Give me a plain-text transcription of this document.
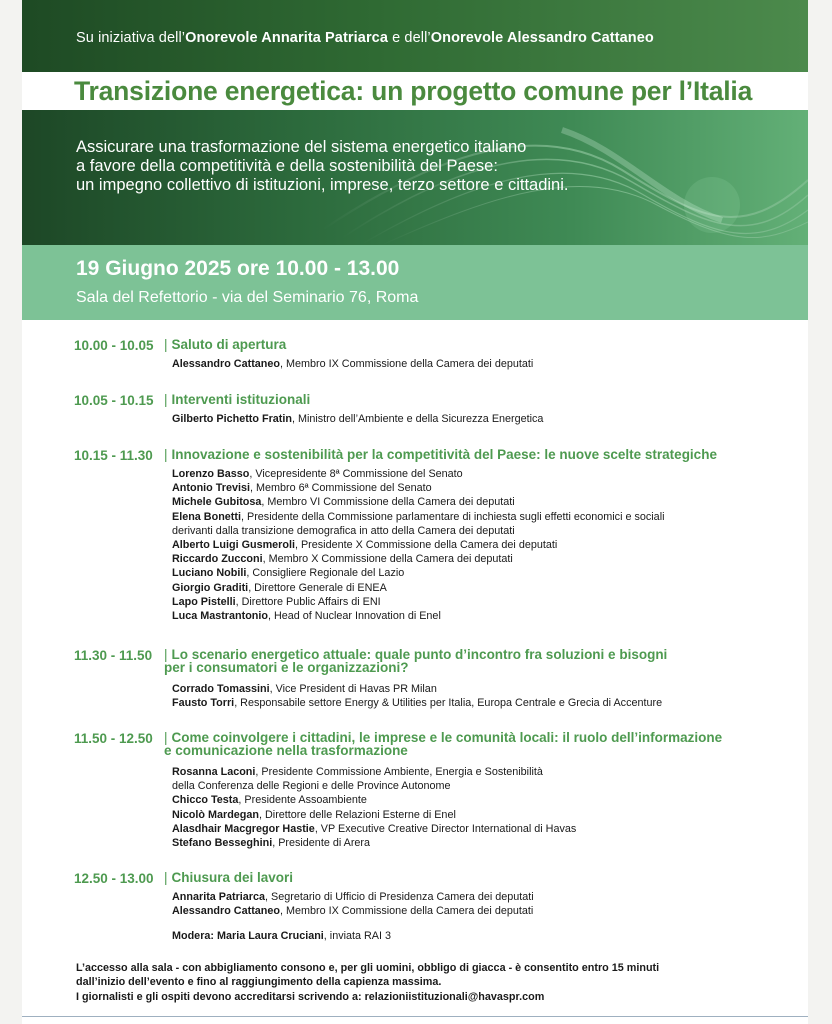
Su iniziativa dell’Onorevole Annarita Patriarca e dell’Onorevole Alessandro Cattaneo
Transizione energetica: un progetto comune per l’Italia
Assicurare una trasformazione del sistema energetico italiano
a favore della competitività e della sostenibilità del Paese:
un impegno collettivo di istituzioni, imprese, terzo settore e cittadini.
19 Giugno 2025 ore 10.00 - 13.00
Sala del Refettorio - via del Seminario 76, Roma
10.00 - 10.05 | Saluto di apertura
Alessandro Cattaneo, Membro IX Commissione della Camera dei deputati
10.05 - 10.15 | Interventi istituzionali
Gilberto Pichetto Fratin, Ministro dell’Ambiente e della Sicurezza Energetica
10.15 - 11.30 | Innovazione e sostenibilità per la competitività del Paese: le nuove scelte strategiche
Lorenzo Basso, Vicepresidente 8ª Commissione del Senato
Antonio Trevisi, Membro 6ª Commissione del Senato
Michele Gubitosa, Membro VI Commissione della Camera dei deputati
Elena Bonetti, Presidente della Commissione parlamentare di inchiesta sugli effetti economici e sociali
derivanti dalla transizione demografica in atto della Camera dei deputati
Alberto Luigi Gusmeroli, Presidente X Commissione della Camera dei deputati
Riccardo Zucconi, Membro X Commissione della Camera dei deputati
Luciano Nobili, Consigliere Regionale del Lazio
Giorgio Graditi, Direttore Generale di ENEA
Lapo Pistelli, Direttore Public Affairs di ENI
Luca Mastrantonio, Head of Nuclear Innovation di Enel
11.30 - 11.50 | Lo scenario energetico attuale: quale punto d’incontro fra soluzioni e bisogni
per i consumatori e le organizzazioni?
Corrado Tomassini, Vice President di Havas PR Milan
Fausto Torri, Responsabile settore Energy & Utilities per Italia, Europa Centrale e Grecia di Accenture
11.50 - 12.50 | Come coinvolgere i cittadini, le imprese e le comunità locali: il ruolo dell’informazione
e comunicazione nella trasformazione
Rosanna Laconi, Presidente Commissione Ambiente, Energia e Sostenibilità
della Conferenza delle Regioni e delle Province Autonome
Chicco Testa, Presidente Assoambiente
Nicolò Mardegan, Direttore delle Relazioni Esterne di Enel
Alasdhair Macgregor Hastie, VP Executive Creative Director International di Havas
Stefano Besseghini, Presidente di Arera
12.50 - 13.00 | Chiusura dei lavori
Annarita Patriarca, Segretario di Ufficio di Presidenza Camera dei deputati
Alessandro Cattaneo, Membro IX Commissione della Camera dei deputati
Modera: Maria Laura Cruciani, inviata RAI 3

L’accesso alla sala - con abbigliamento consono e, per gli uomini, obbligo di giacca - è consentito entro 15 minuti

dall’inizio dell’evento e fino al raggiungimento della capienza massima.

I giornalisti e gli ospiti devono accreditarsi scrivendo a: relazioniistituzionali@havaspr.com
